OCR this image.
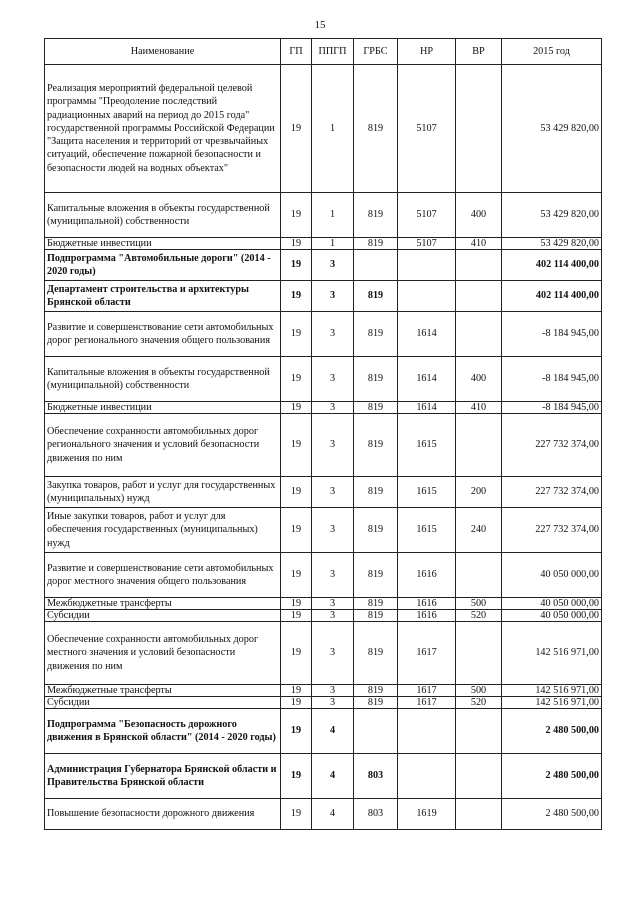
15
Наименование	ГП	ППГП	ГРБС	НР	ВР	2015 год
Реализация мероприятий федеральной целевой программы "Преодоление последствий радиационных аварий на период до 2015 года" государственной программы Российской Федерации "Защита населения и территорий от чрезвычайных ситуаций, обеспечение пожарной безопасности и безопасности людей на водных объектах"	19	1	819	5107		53 429 820,00
Капитальные вложения в объекты государственной (муниципальной) собственности	19	1	819	5107	400	53 429 820,00
Бюджетные инвестиции	19	1	819	5107	410	53 429 820,00
Подпрограмма "Автомобильные дороги" (2014 - 2020 годы)	19	3				402 114 400,00
Департамент строительства и архитектуры Брянской области	19	3	819			402 114 400,00
Развитие и совершенствование сети автомобильных дорог регионального значения общего пользования	19	3	819	1614		-8 184 945,00
Капитальные вложения в объекты государственной (муниципальной) собственности	19	3	819	1614	400	-8 184 945,00
Бюджетные инвестиции	19	3	819	1614	410	-8 184 945,00
Обеспечение сохранности автомобильных дорог регионального значения и условий безопасности движения по ним	19	3	819	1615		227 732 374,00
Закупка товаров, работ и услуг для государственных (муниципальных) нужд	19	3	819	1615	200	227 732 374,00
Иные закупки товаров, работ и услуг для обеспечения государственных (муниципальных) нужд	19	3	819	1615	240	227 732 374,00
Развитие и совершенствование сети автомобильных дорог местного значения общего пользования	19	3	819	1616		40 050 000,00
Межбюджетные трансферты	19	3	819	1616	500	40 050 000,00
Субсидии	19	3	819	1616	520	40 050 000,00
Обеспечение сохранности автомобильных дорог местного значения и условий безопасности движения по ним	19	3	819	1617		142 516 971,00
Межбюджетные трансферты	19	3	819	1617	500	142 516 971,00
Субсидии	19	3	819	1617	520	142 516 971,00
Подпрограмма "Безопасность дорожного движения в Брянской области" (2014 - 2020 годы)	19	4				2 480 500,00
Администрация Губернатора Брянской области и Правительства Брянской области	19	4	803			2 480 500,00
Повышение безопасности дорожного движения	19	4	803	1619		2 480 500,00
